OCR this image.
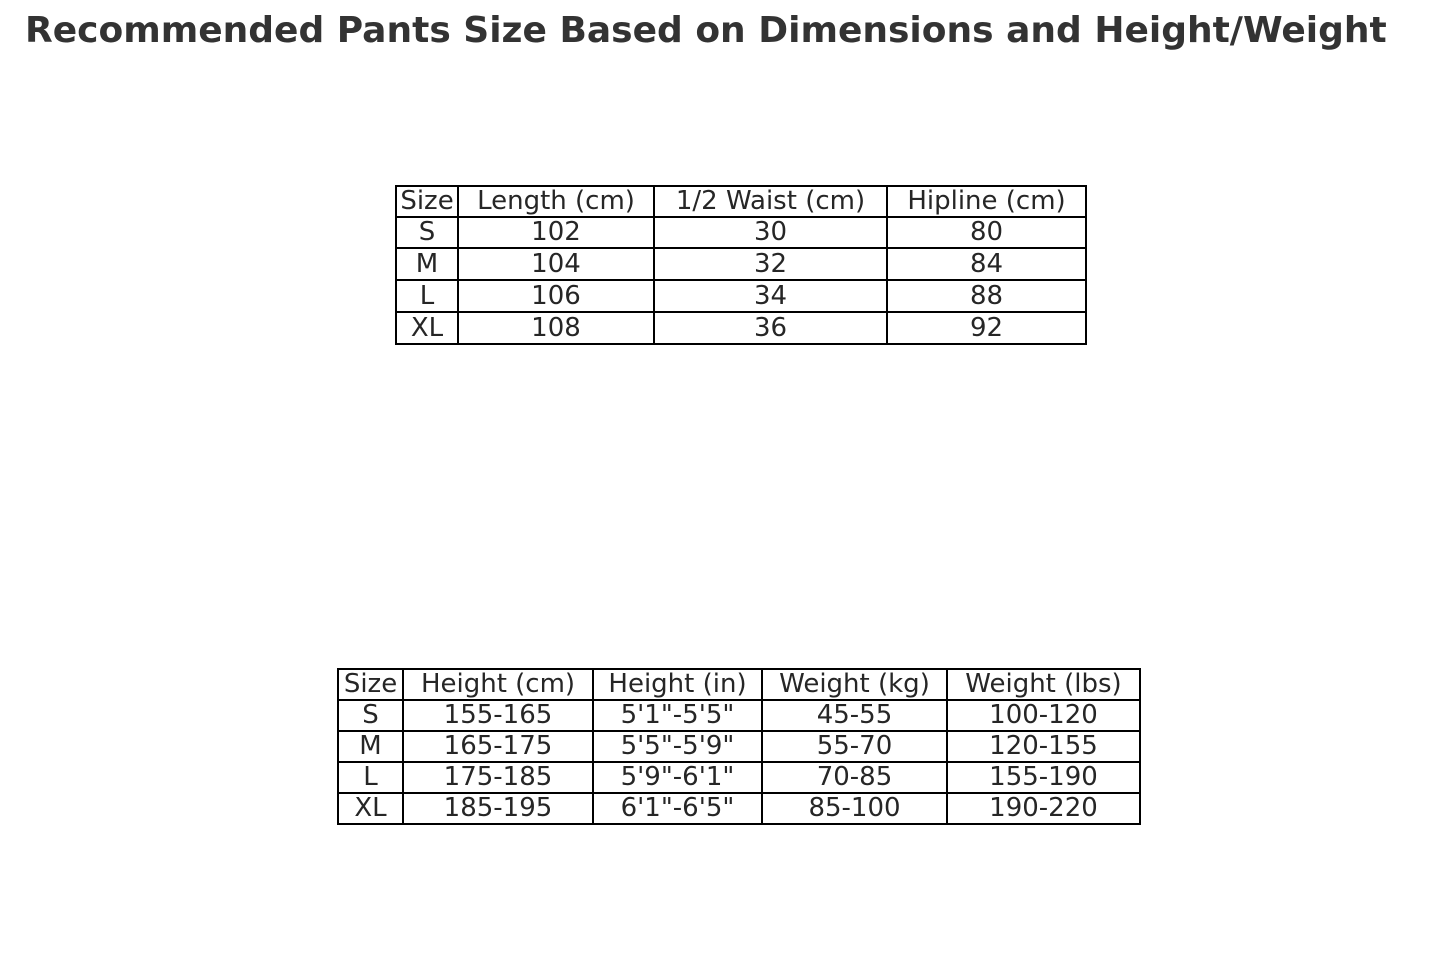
Recommended Pants Size Based on Dimensions and Height/Weight
Size	Length (cm)	1/2 Waist (cm)	Hipline (cm)
S	102	30	80
M	104	32	84
L	106	34	88
XL	108	36	92
Size	Height (cm)	Height (in)	Weight (kg)	Weight (lbs)
S	155-165	5'1"-5'5"	45-55	100-120
M	165-175	5'5"-5'9"	55-70	120-155
L	175-185	5'9"-6'1"	70-85	155-190
XL	185-195	6'1"-6'5"	85-100	190-220
